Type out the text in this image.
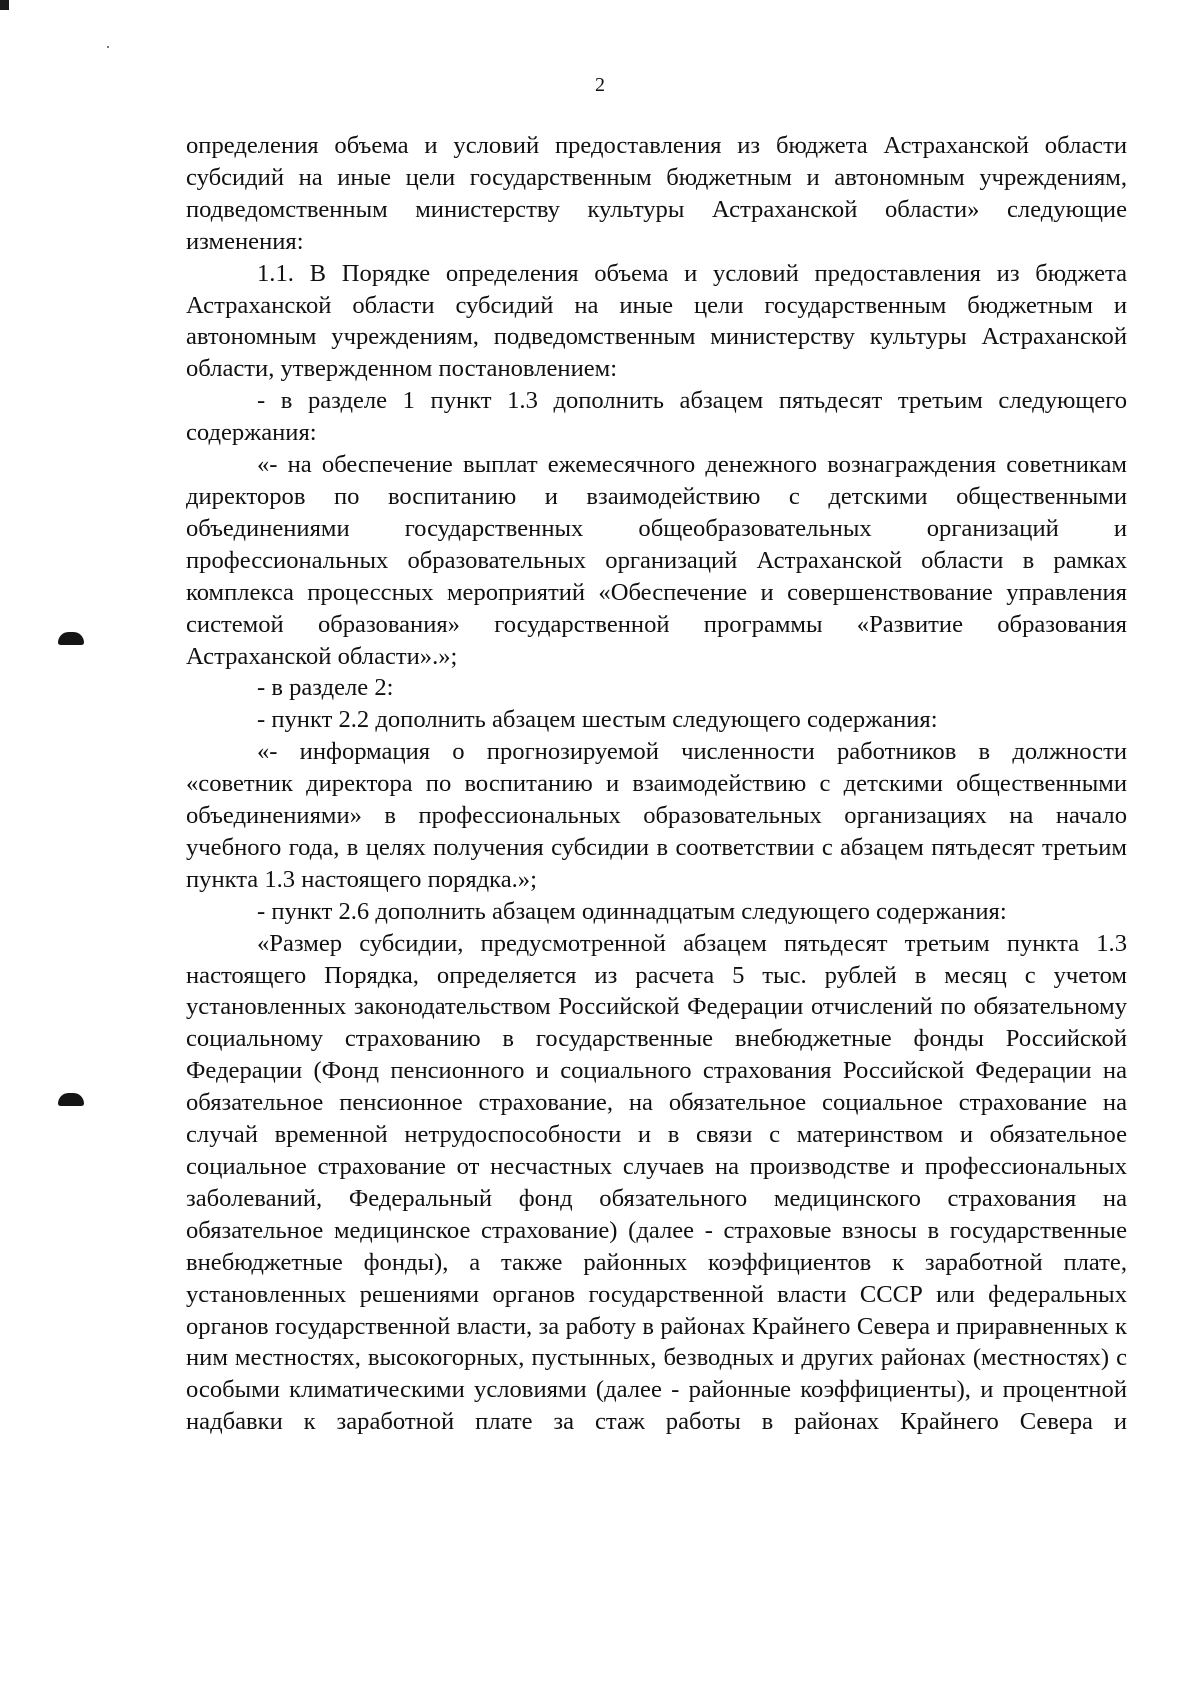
2

определения объема и условий предоставления из бюджета Астраханской области субсидий на иные цели государственным бюджетным и автономным учреждениям, подведомственным министерству культуры Астраханской области» следующие изменения:

1.1. В Порядке определения объема и условий предоставления из бюджета Астраханской области субсидий на иные цели государственным бюджетным и автономным учреждениям, подведомственным министерству культуры Астраханской области, утвержденном постановлением:

- в разделе 1 пункт 1.3 дополнить абзацем пятьдесят третьим следующего содержания:

«- на обеспечение выплат ежемесячного денежного вознаграждения советникам директоров по воспитанию и взаимодействию с детскими общественными объединениями государственных общеобразовательных организаций и профессиональных образовательных организаций Астраханской области в рамках комплекса процессных мероприятий «Обеспечение и совершенствование управления системой образования» государственной программы «Развитие образования Астраханской области».»;

- в разделе 2:

- пункт 2.2 дополнить абзацем шестым следующего содержания:

«- информация о прогнозируемой численности работников в должности «советник директора по воспитанию и взаимодействию с детскими общественными объединениями» в профессиональных образовательных организациях на начало учебного года, в целях получения субсидии в соответствии с абзацем пятьдесят третьим пункта 1.3 настоящего порядка.»;

- пункт 2.6 дополнить абзацем одиннадцатым следующего содержания:

«Размер субсидии, предусмотренной абзацем пятьдесят третьим пункта 1.3 настоящего Порядка, определяется из расчета 5 тыс. рублей в месяц с учетом установленных законодательством Российской Федерации отчислений по обязательному социальному страхованию в государственные внебюджетные фонды Российской Федерации (Фонд пенсионного и социального страхования Российской Федерации на обязательное пенсионное страхование, на обязательное социальное страхование на случай временной нетрудоспособности и в связи с материнством и обязательное социальное страхование от несчастных случаев на производстве и профессиональных заболеваний, Федеральный фонд обязательного медицинского страхования на обязательное медицинское страхование) (далее - страховые взносы в государственные внебюджетные фонды), а также районных коэффициентов к заработной плате, установленных решениями органов государственной власти СССР или федеральных органов государственной власти, за работу в районах Крайнего Севера и приравненных к ним местностях, высокогорных, пустынных, безводных и других районах (местностях) с особыми климатическими условиями (далее - районные коэффициенты), и процентной надбавки к заработной плате за стаж работы в районах Крайнего Севера и
